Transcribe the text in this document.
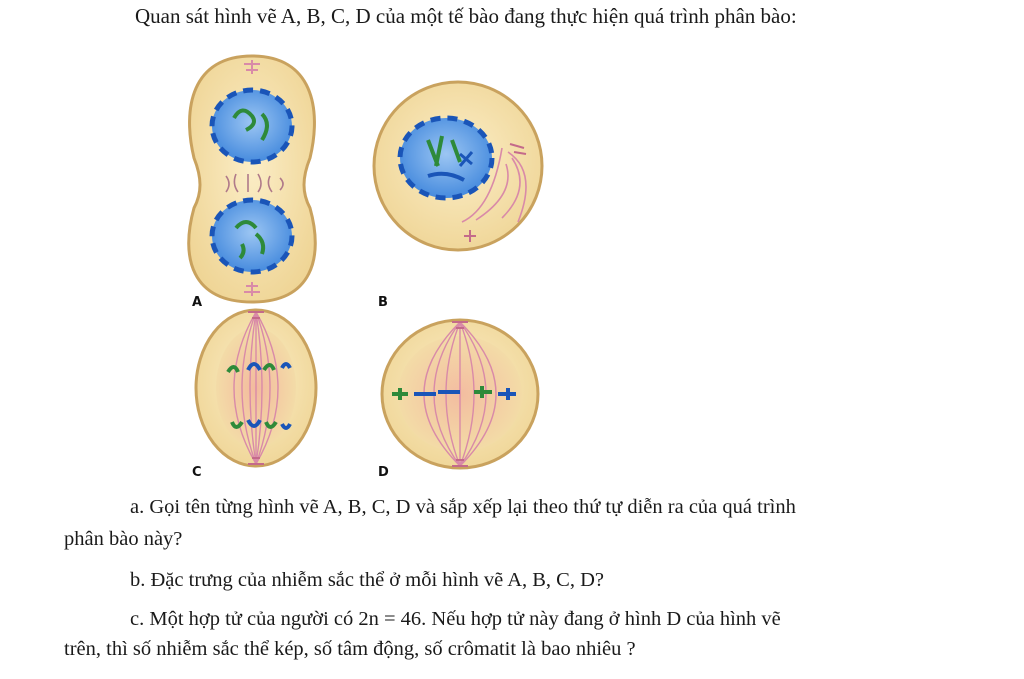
Quan sát hình vẽ A, B, C, D của một tế bào đang thực hiện quá trình phân bào:
A	B
C	D
a. Gọi tên từng hình vẽ A, B, C, D và sắp xếp lại theo thứ tự diễn ra của quá trình
phân bào này?
b. Đặc trưng của nhiễm sắc thể ở mỗi hình vẽ A, B, C, D?
c. Một hợp tử của người có 2n = 46. Nếu hợp tử này đang ở hình D của hình vẽ
trên, thì số nhiễm sắc thể kép, số tâm động, số crômatit là bao nhiêu ?
